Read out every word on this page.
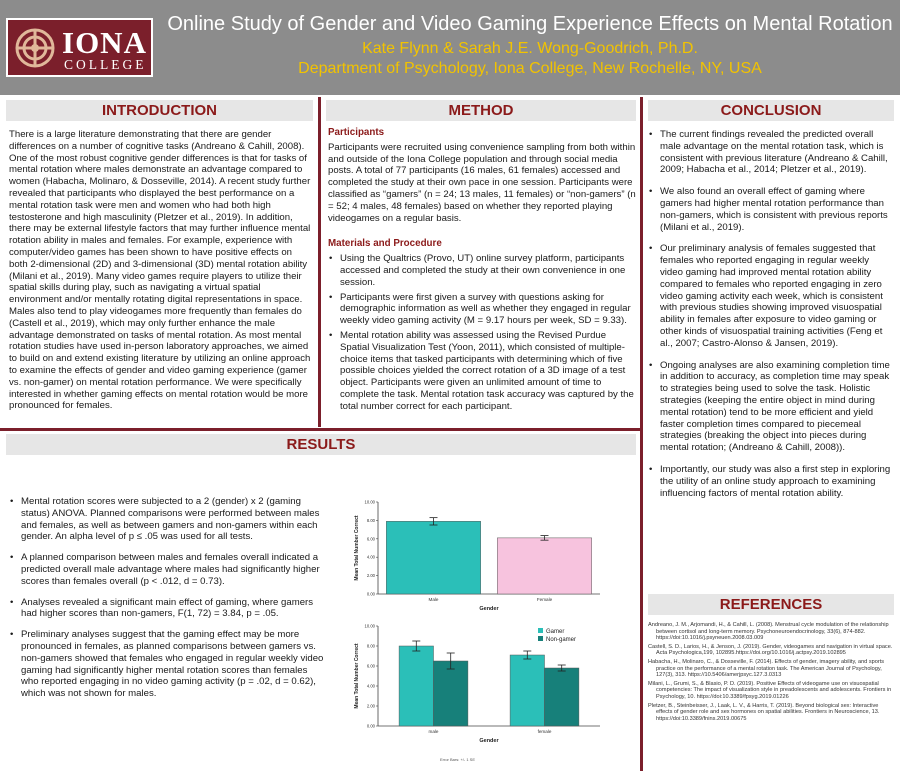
IONA
COLLEGE
Online Study of Gender and Video Gaming Experience Effects on Mental Rotation
Kate Flynn & Sarah J.E. Wong-Goodrich, Ph.D.
Department of Psychology, Iona College, New Rochelle, NY, USA
INTRODUCTION
There is a large literature demonstrating that there are gender differences on a number of cognitive tasks (Andreano & Cahill, 2008). One of the most robust cognitive gender differences is that for tasks of mental rotation where males demonstrate an advantage compared to women (Habacha, Molinaro, & Dosseville, 2014). A recent study further revealed that participants who displayed the best performance on a mental rotation task were men and women who had both high testosterone and high masculinity (Pletzer et al., 2019). In addition, there may be external lifestyle factors that may further influence mental rotation ability in males and females. For example, experience with computer/video games has been shown to have positive effects on both 2-dimensional (2D) and 3-dimensional (3D) mental rotation ability (Milani et al., 2019). Many video games require players to utilize their spatial skills during play, such as navigating a virtual spatial environment and/or mentally rotating digital representations in space. Males also tend to play videogames more frequently than females do (Castell et al., 2019), which may only further enhance the male advantage demonstrated on tasks of mental rotation. As most mental rotation studies have used in-person laboratory approaches, we aimed to build on and extend existing literature by utilizing an online approach to examine the effects of gender and video gaming experience (gamer vs. non-gamer) on mental rotation performance. We were specifically interested in whether gaming effects on mental rotation would be more pronounced for females.
METHOD
Participants

Participants were recruited using convenience sampling from both within and outside of the Iona College population and through social media posts. A total of 77 participants (16 males, 61 females) accessed and completed the study at their own pace in one session. Participants were classified as “gamers” (n = 24; 13 males, 11 females) or “non-gamers” (n = 52; 4 males, 48 females) based on whether they reported playing videogames on a regular basis.

Materials and Procedure
• Using the Qualtrics (Provo, UT) online survey platform, participants accessed and completed the study at their own convenience in one session.
• Participants were first given a survey with questions asking for demographic information as well as whether they engaged in regular weekly video gaming activity (M = 9.17 hours per week, SD = 9.33).
• Mental rotation ability was assessed using the Revised Purdue Spatial Visualization Test (Yoon, 2011), which consisted of multiple-choice items that tasked participants with determining which of five possible choices yielded the correct rotation of a 3D image of a test object. Participants were given an unlimited amount of time to complete the task. Mental rotation task accuracy was captured by the total number correct for each participant.
CONCLUSION
• The current findings revealed the predicted overall male advantage on the mental rotation task, which is consistent with previous literature (Andreano & Cahill, 2009; Habacha et al., 2014; Pletzer et al., 2019).
• We also found an overall effect of gaming where gamers had higher mental rotation performance than non-gamers, which is consistent with previous reports (Milani et al., 2019).
• Our preliminary analysis of females suggested that females who reported engaging in regular weekly video gaming had improved mental rotation ability compared to females who reported engaging in zero video gaming activity each week, which is consistent with previous studies showing improved visuospatial ability in females after exposure to video gaming or other kinds of visuospatial training activities (Feng et al., 2007; Castro-Alonso & Jansen, 2019).
• Ongoing analyses are also examining completion time in addition to accuracy, as completion time may speak to strategies being used to solve the task. Holistic strategies (keeping the entire object in mind during mental rotation) tend to be more efficient and yield faster completion times compared to piecemeal strategies (breaking the object into pieces during mental rotation; (Andreano & Cahill, 2008)).
• Importantly, our study was also a first step in exploring the utility of an online study approach to examining influencing factors of mental rotation ability.
REFERENCES

Andreano, J. M., Arjomandi, H., & Cahill, L. (2008). Menstrual cycle modulation of the relationship between cortisol and long-term memory. Psychoneuroendocrinology, 33(6), 874-882. https://doi:10.1016/j.psyneuen.2008.03.009

Castell, S. D., Larios, H., & Jenson, J. (2019). Gender, videogames and navigation in virtual space. Acta Psychologica,199, 102895.https://doi.org/10.1016/j.actpsy.2019.102895

Habacha, H., Molinaro, C., & Dosseville, F. (2014). Effects of gender, imagery ability, and sports practice on the performance of a mental rotation task. The American Journal of Psychology, 127(3), 313. https://10.5406/amerjpsyc.127.3.0313

Milani, L., Grumi, S., & Blasio, P. D. (2019). Positive Effects of videogame use on visuospatial competencies: The impact of visualization style in preadolescents and adolescents. Frontiers in Psychology, 10. https://doi:10.3389/fpsyg.2019.01226

Pletzer, B., Steinbeisser, J., Laak, L. V., & Harris, T. (2019). Beyond biological sex: Interactive effects of gender role and sex hormones on spatial abilities. Frontiers in Neuroscience, 13. https://doi:10.3389/fnins.2019.00675

RESULTS
• Mental rotation scores were subjected to a 2 (gender) x 2 (gaming status) ANOVA. Planned comparisons were performed between males and females, as well as between gamers and non-gamers within each gender. An alpha level of p ≤ .05 was used for all tests.
• A planned comparison between males and females overall indicated a predicted overall male advantage where males had significantly higher scores than females overall (p < .012, d = 0.73).
• Analyses revealed a significant main effect of gaming, where gamers had higher scores than non-gamers, F(1, 72) = 3.84, p = .05.
• Preliminary analyses suggest that the gaming effect may be more pronounced in females, as planned comparisons between gamers vs. non-gamers showed that females who engaged in regular weekly video gaming had significantly higher mental rotation scores than females who reported engaging in no video gaming activity (p = .02, d = 0.62), which was not shown for males.
0.00
2.00
4.00
6.00
8.00
10.00
Mean Total Number Correct
Gender
Male	Female
0.00
2.00
4.00
6.00
8.00
10.00
Mean Total Number Correct
Gender
male	female
Gamer
Non-gamer
Error Bars: +/- 1 SE
